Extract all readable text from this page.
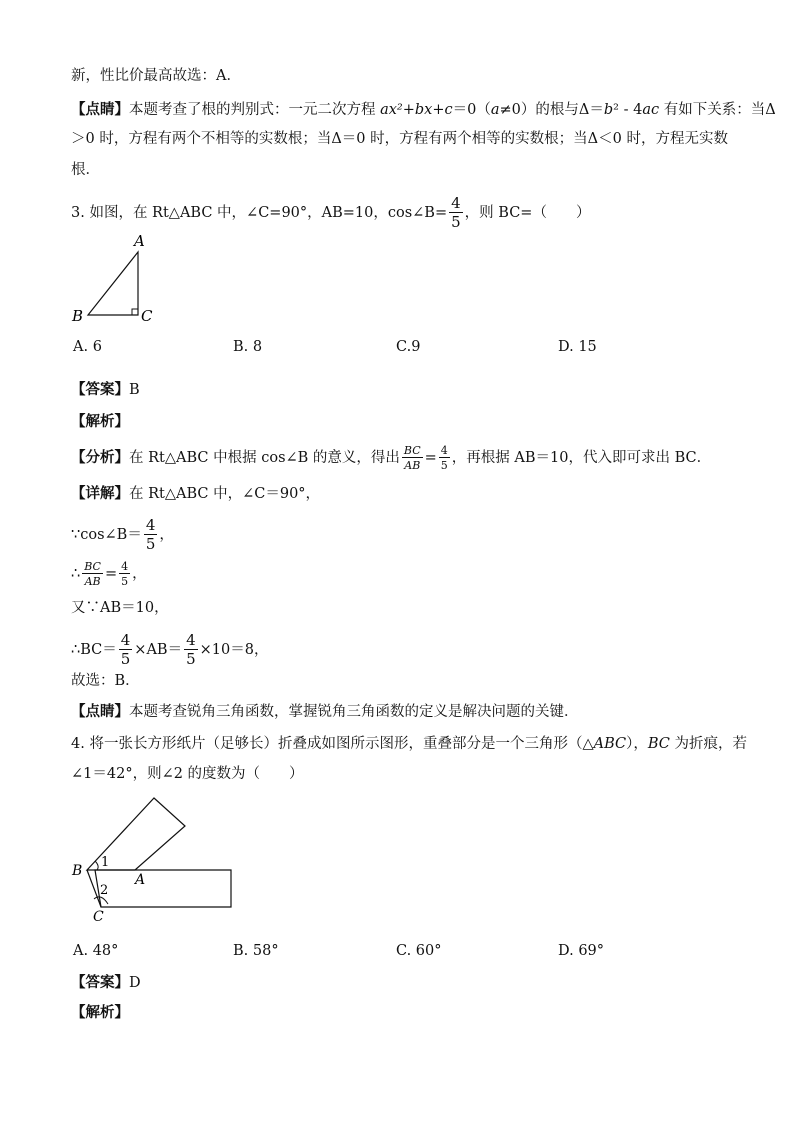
新，性比价最高故选：A．
【点睛】本题考查了根的判别式：一元二次方程 ax²+bx+c＝0（a≠0）的根与Δ＝b² - 4ac 有如下关系：当Δ
＞0 时，方程有两个不相等的实数根；当Δ＝0 时，方程有两个相等的实数根；当Δ＜0 时，方程无实数
根．
3. 如图，在 Rt△ABC 中，∠C=90°，AB=10，cos∠B= $\frac{4}{5}$ ，则 BC=（　　）
A
B	C
A. 6	B. 8	C.9	D. 15
【答案】B
【解析】
【分析】在 Rt△ABC 中根据 cos∠B 的意义，得出 $\frac{BC}{AB} = \frac{4}{5}$ ，再根据 AB＝10，代入即可求出 BC．
【详解】在 Rt△ABC 中，∠C＝90°，
∵cos∠B＝ $\frac{4}{5}$ ，
∴ $\frac{BC}{AB} = \frac{4}{5}$ ，
又∵AB＝10，
∴BC＝ $\frac{4}{5} \times AB= \frac{4}{5} \times 10=8$，
故选：B．
【点睛】本题考查锐角三角函数，掌握锐角三角函数的定义是解决问题的关键．
4. 将一张长方形纸片（足够长）折叠成如图所示图形，重叠部分是一个三角形（△ABC），BC 为折痕，若
∠1＝42°，则∠2 的度数为（　　）
B
A
C
1
2
A. 48°	B. 58°	C. 60°	D. 69°
【答案】D
【解析】
